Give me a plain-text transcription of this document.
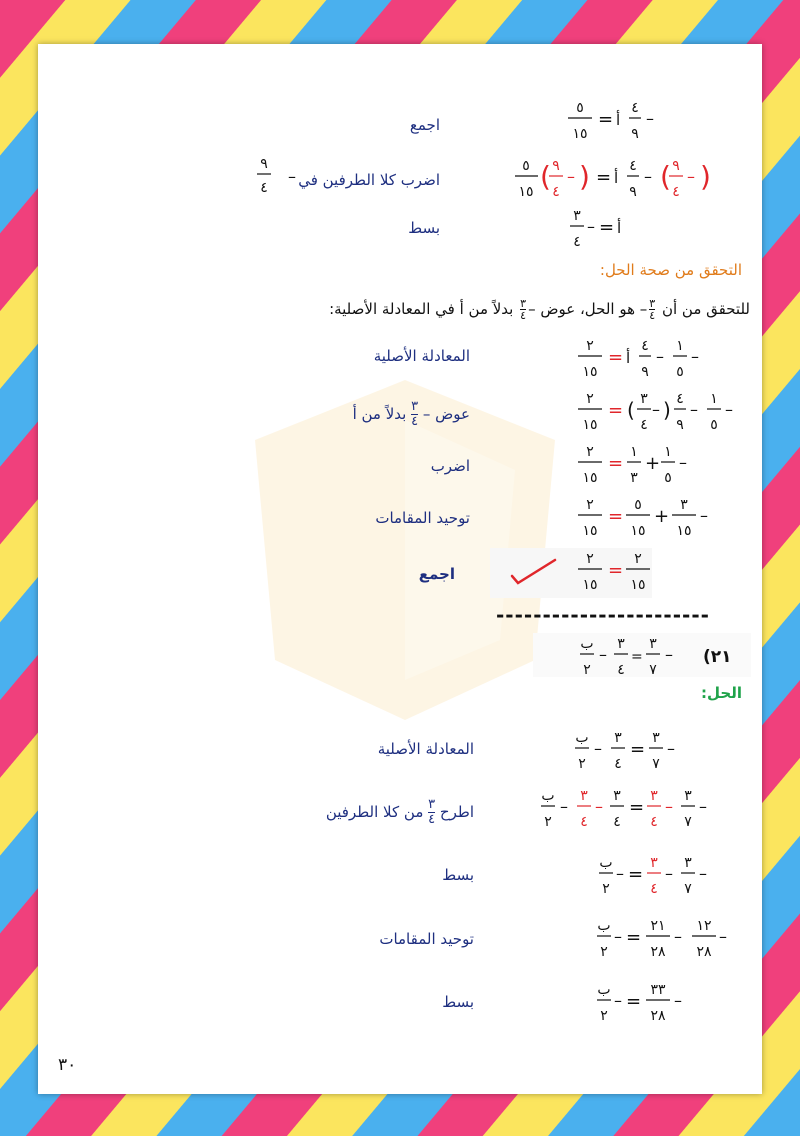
اجمع
اضرب كلا الطرفين في
بسط
–
٩
٤
٥
١٥
= أ
٤
٩
–
٥
١٥ ( ٩
٤
– ) = أ
٤
٩
– ( ٩
٤
– )
٣
٤
– = أ
التحقق من صحة الحل:
للتحقق من أن ٣

٤
– هو الحل، عوض –٣

٤
بدلاً من أ في المعادلة الأصلية:
المعادلة الأصلية
عوض – ٣

٤
بدلاً من أ
اضرب
توحيد المقامات
اجمع
٢
١٥
= أ
٤
٩
–
١
٥
–
٢
١٥
= ( ٣
٤
– ) ٤
٩
–
١
٥
–
٢
١٥
=
١
٣
+
١
٥
–
٢
١٥
=
٥
١٥
+
٣
١٥
–
٢
١٥
=
٢
١٥
-----------------------
ب
٢
–
٣
٤
=
٣
٧
– (٢١
الحل:
المعادلة الأصلية
اطرح ٣

٤
من كلا الطرفين
بسط
توحيد المقامات
بسط
ب
٢
–
٣
٤
=
٣
٧
–
ب
٢
–
٣
٤
–
٣
٤
=
٣
٤
–
٣
٧
–
ب
٢
– =
٣
٤
–
٣
٧
–
ب
٢
– =
٢١
٢٨
–
١٢
٢٨
–
ب
٢
– =
٣٣
٢٨
–
٣٠
